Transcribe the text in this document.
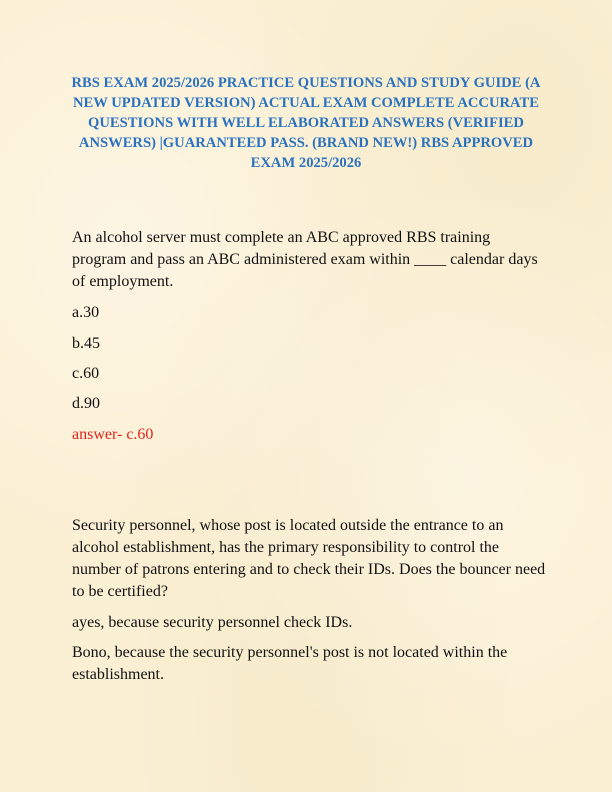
RBS EXAM 2025/2026 PRACTICE QUESTIONS AND STUDY GUIDE (A NEW UPDATED VERSION) ACTUAL EXAM COMPLETE ACCURATE QUESTIONS WITH WELL ELABORATED ANSWERS (VERIFIED ANSWERS) |GUARANTEED PASS. (BRAND NEW!) RBS APPROVED EXAM 2025/2026

An alcohol server must complete an ABC approved RBS training program and pass an ABC administered exam within ____ calendar days of employment.

a.30

b.45

c.60

d.90

answer- c.60

Security personnel, whose post is located outside the entrance to an alcohol establishment, has the primary responsibility to control the number of patrons entering and to check their IDs. Does the bouncer need to be certified?

ayes, because security personnel check IDs.

Bono, because the security personnel's post is not located within the establishment.
